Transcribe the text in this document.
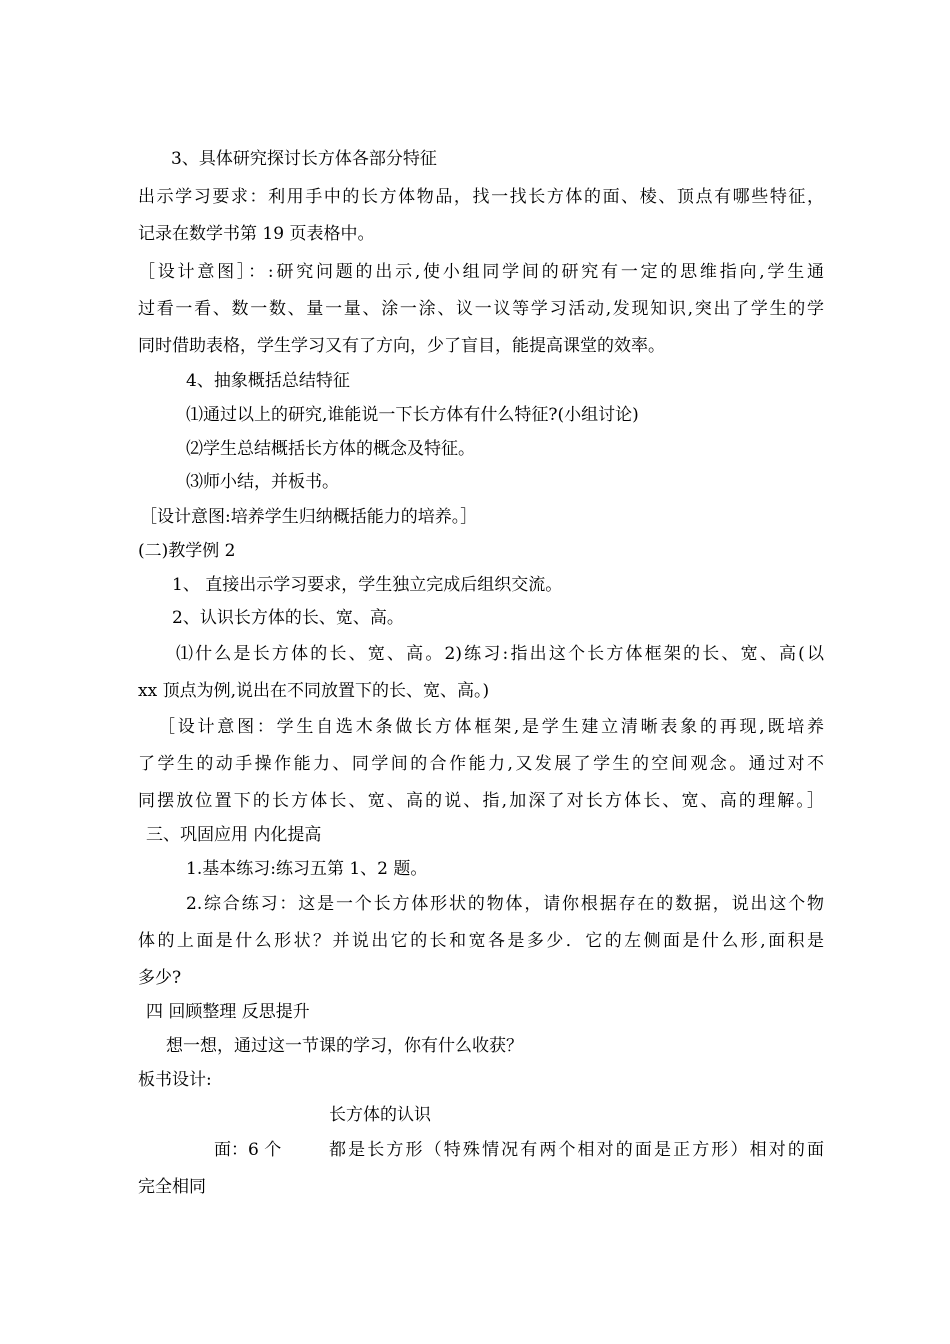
3、具体研究探讨长方体各部分特征
出示学习要求：利用手中的长方体物品，找一找长方体的面、棱、顶点有哪些特征，
记录在数学书第 19 页表格中。
［设计意图］：:研究问题的出示,使小组同学间的研究有一定的思维指向,学生通
过看一看、数一数、量一量、涂一涂、议一议等学习活动,发现知识,突出了学生的学
同时借助表格，学生学习又有了方向，少了盲目，能提高课堂的效率。
4、抽象概括总结特征
⑴通过以上的研究,谁能说一下长方体有什么特征?(小组讨论)
⑵学生总结概括长方体的概念及特征。
⑶师小结，并板书。
［设计意图:培养学生归纳概括能力的培养。］
(二)教学例 2
1、 直接出示学习要求，学生独立完成后组织交流。
2、认识长方体的长、宽、高。
⑴什么是长方体的长、宽、高。2)练习:指出这个长方体框架的长、宽、高(以
xx 顶点为例,说出在不同放置下的长、宽、高。)
［设计意图：学生自选木条做长方体框架,是学生建立清晰表象的再现,既培养
了学生的动手操作能力、同学间的合作能力,又发展了学生的空间观念。通过对不
同摆放位置下的长方体长、宽、高的说、指,加深了对长方体长、宽、高的理解。］
三、巩固应用 内化提高
1.基本练习:练习五第 1、2 题。
2.综合练习：这是一个长方体形状的物体，请你根据存在的数据，说出这个物
体的上面是什么形状？并说出它的长和宽各是多少．它的左侧面是什么形,面积是
多少?
四 回顾整理 反思提升
想一想，通过这一节课的学习，你有什么收获？
板书设计:
长方体的认识
面：6 个	都是长方形（特殊情况有两个相对的面是正方形）相对的面
完全相同
